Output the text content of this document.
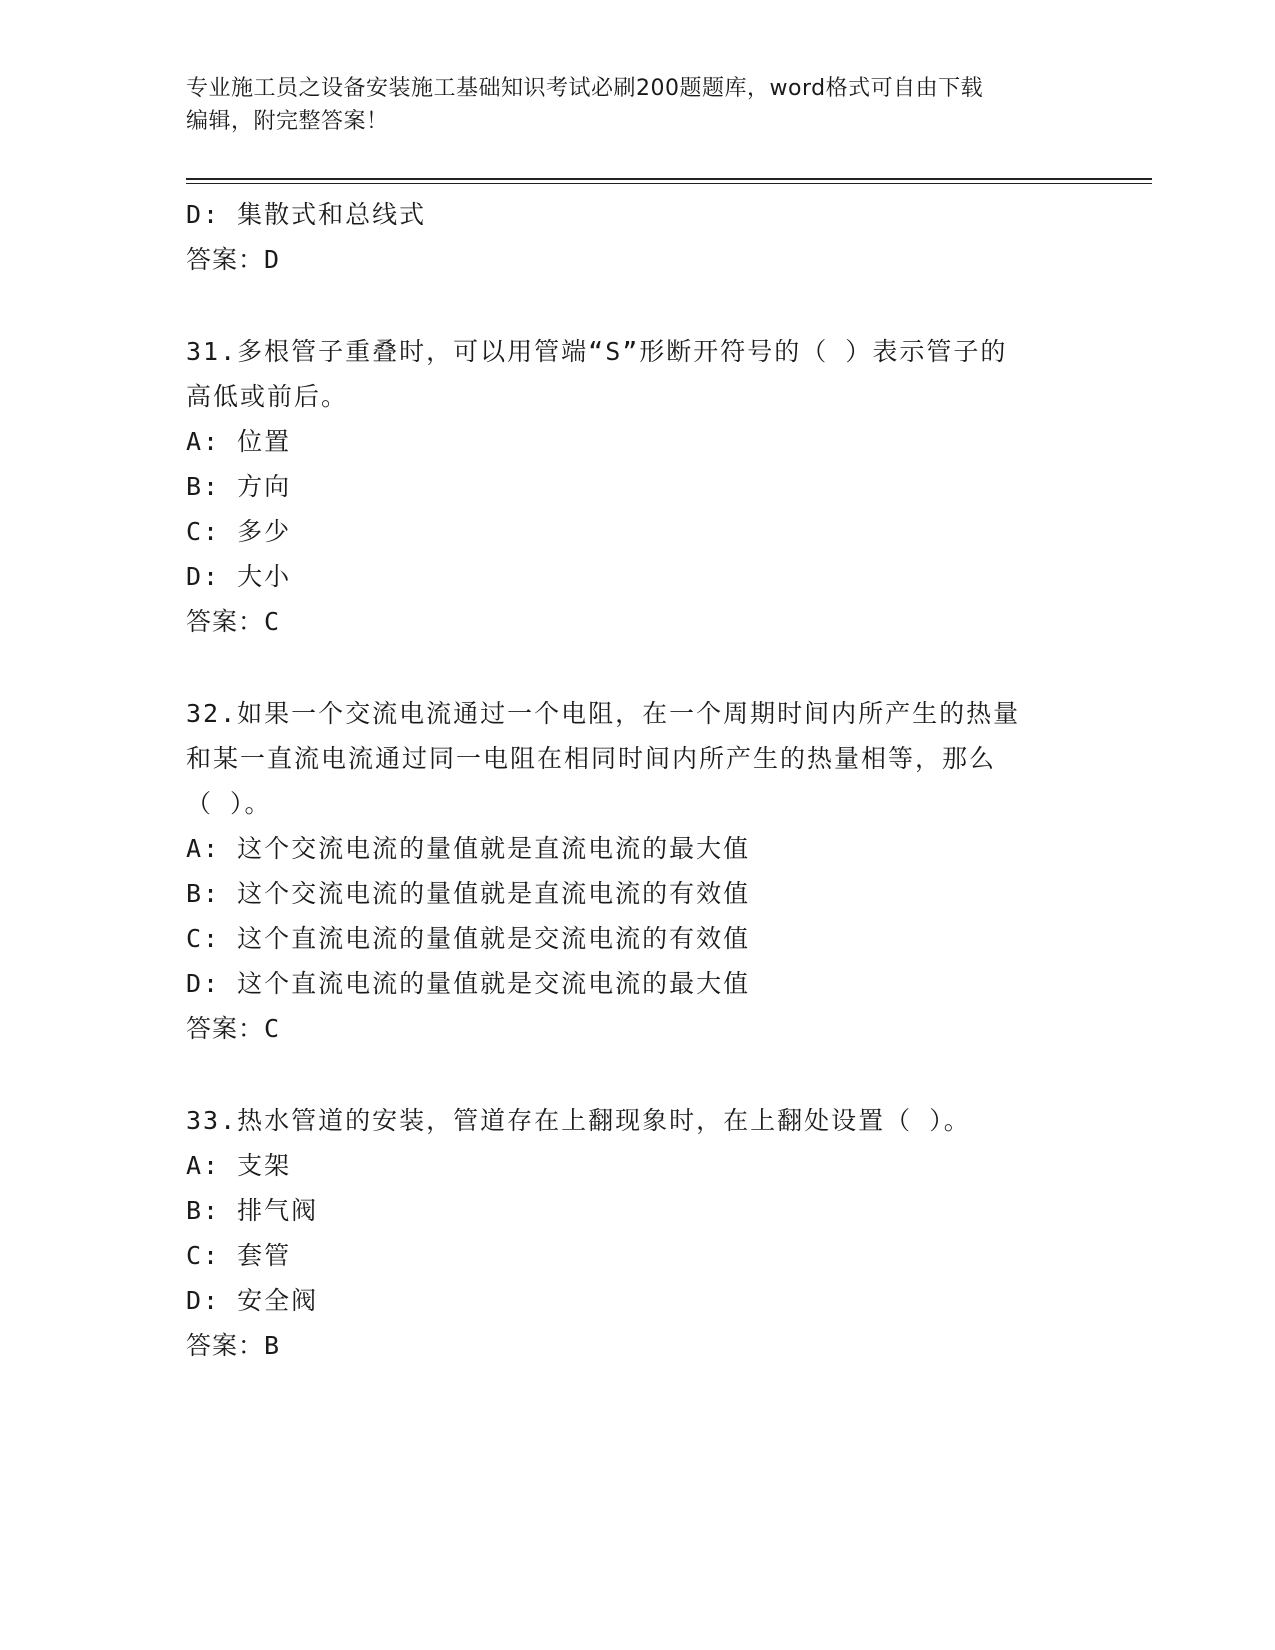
专业施工员之设备安装施工基础知识考试必刷200题题库，word格式可自由下载
编辑，附完整答案！
D: 集散式和总线式
答案：D
31.多根管子重叠时，可以用管端“S”形断开符号的（ ）表示管子的
高低或前后。
A: 位置
B: 方向
C: 多少
D: 大小
答案：C
32.如果一个交流电流通过一个电阻，在一个周期时间内所产生的热量
和某一直流电流通过同一电阻在相同时间内所产生的热量相等，那么
（ ）。
A: 这个交流电流的量值就是直流电流的最大值
B: 这个交流电流的量值就是直流电流的有效值
C: 这个直流电流的量值就是交流电流的有效值
D: 这个直流电流的量值就是交流电流的最大值
答案：C
33.热水管道的安装，管道存在上翻现象时，在上翻处设置（ ）。
A: 支架
B: 排气阀
C: 套管
D: 安全阀
答案：B
